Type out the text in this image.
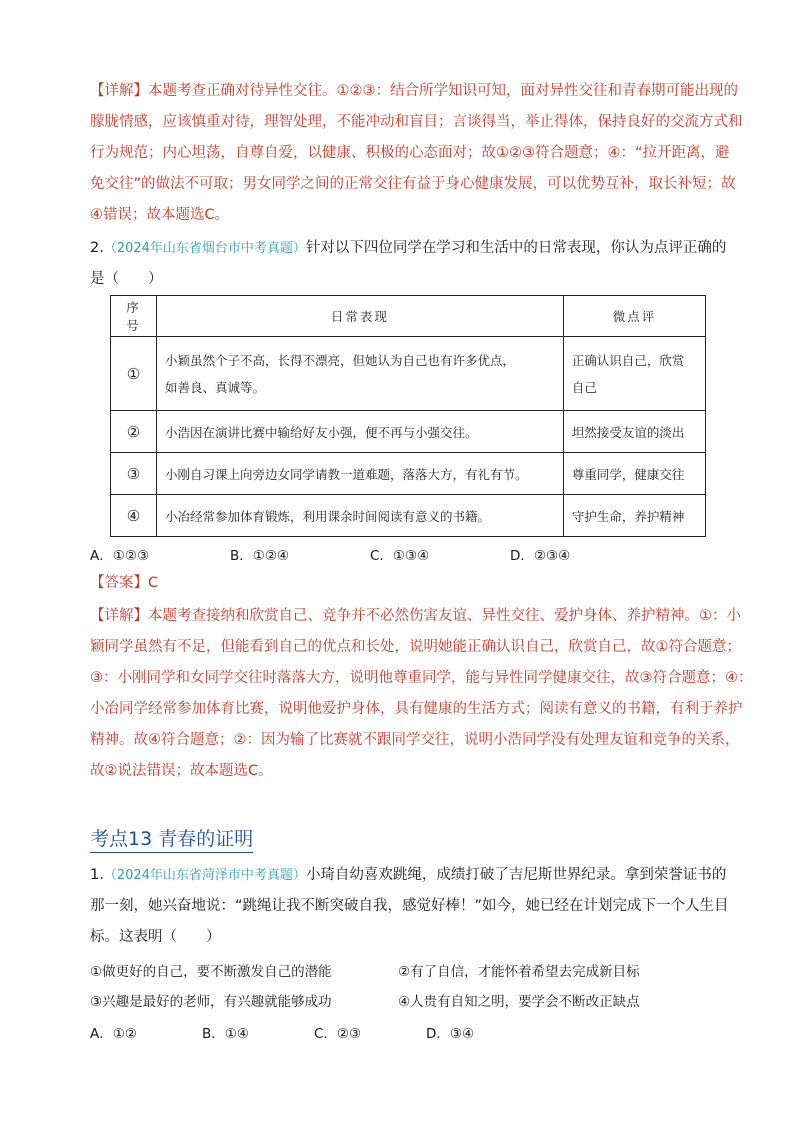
【详解】本题考查正确对待异性交往。①②③：结合所学知识可知，面对异性交往和青春期可能出现的
朦胧情感，应该慎重对待，理智处理，不能冲动和盲目；言谈得当，举止得体，保持良好的交流方式和
行为规范；内心坦荡，自尊自爱，以健康、积极的心态面对；故①②③符合题意；④：“拉开距离，避
免交往”的做法不可取；男女同学之间的正常交往有益于身心健康发展，可以优势互补，取长补短；故
④错误；故本题选C。
2.（2024年山东省烟台市中考真题）针对以下四位同学在学习和生活中的日常表现，你认为点评正确的
是（　　）
序号	日常表现	微点评
①	小颖虽然个子不高，长得不漂亮，但她认为自己也有许多优点，
如善良、真诚等。	正确认识自己，欣赏
自己

②	小浩因在演讲比赛中输给好友小强，便不再与小强交往。	坦然接受友谊的淡出
③	小刚自习课上向旁边女同学请教一道难题，落落大方，有礼有节。	尊重同学，健康交往
④	小冶经常参加体育锻炼，利用课余时间阅读有意义的书籍。	守护生命，养护精神
A．①②③	B．①②④	C．①③④	D．②③④
【答案】C
【详解】本题考查接纳和欣赏自己、竞争并不必然伤害友谊、异性交往、爱护身体、养护精神。①：小
颖同学虽然有不足，但能看到自己的优点和长处，说明她能正确认识自己，欣赏自己，故①符合题意；
③：小刚同学和女同学交往时落落大方，说明他尊重同学，能与异性同学健康交往，故③符合题意；④：
小冶同学经常参加体育比赛，说明他爱护身体，具有健康的生活方式；阅读有意义的书籍，有利于养护
精神。故④符合题意；②：因为输了比赛就不跟同学交往，说明小浩同学没有处理友谊和竞争的关系，
故②说法错误；故本题选C。
考点13 青春的证明
1.（2024年山东省菏泽市中考真题）小琦自幼喜欢跳绳，成绩打破了吉尼斯世界纪录。拿到荣誉证书的
那一刻，她兴奋地说：“跳绳让我不断突破自我，感觉好棒！”如今，她已经在计划完成下一个人生目
标。这表明（　　）
①做更好的自己，要不断激发自己的潜能	②有了自信，才能怀着希望去完成新目标
③兴趣是最好的老师，有兴趣就能够成功	④人贵有自知之明，要学会不断改正缺点
A．①②	B．①④	C．②③	D．③④
